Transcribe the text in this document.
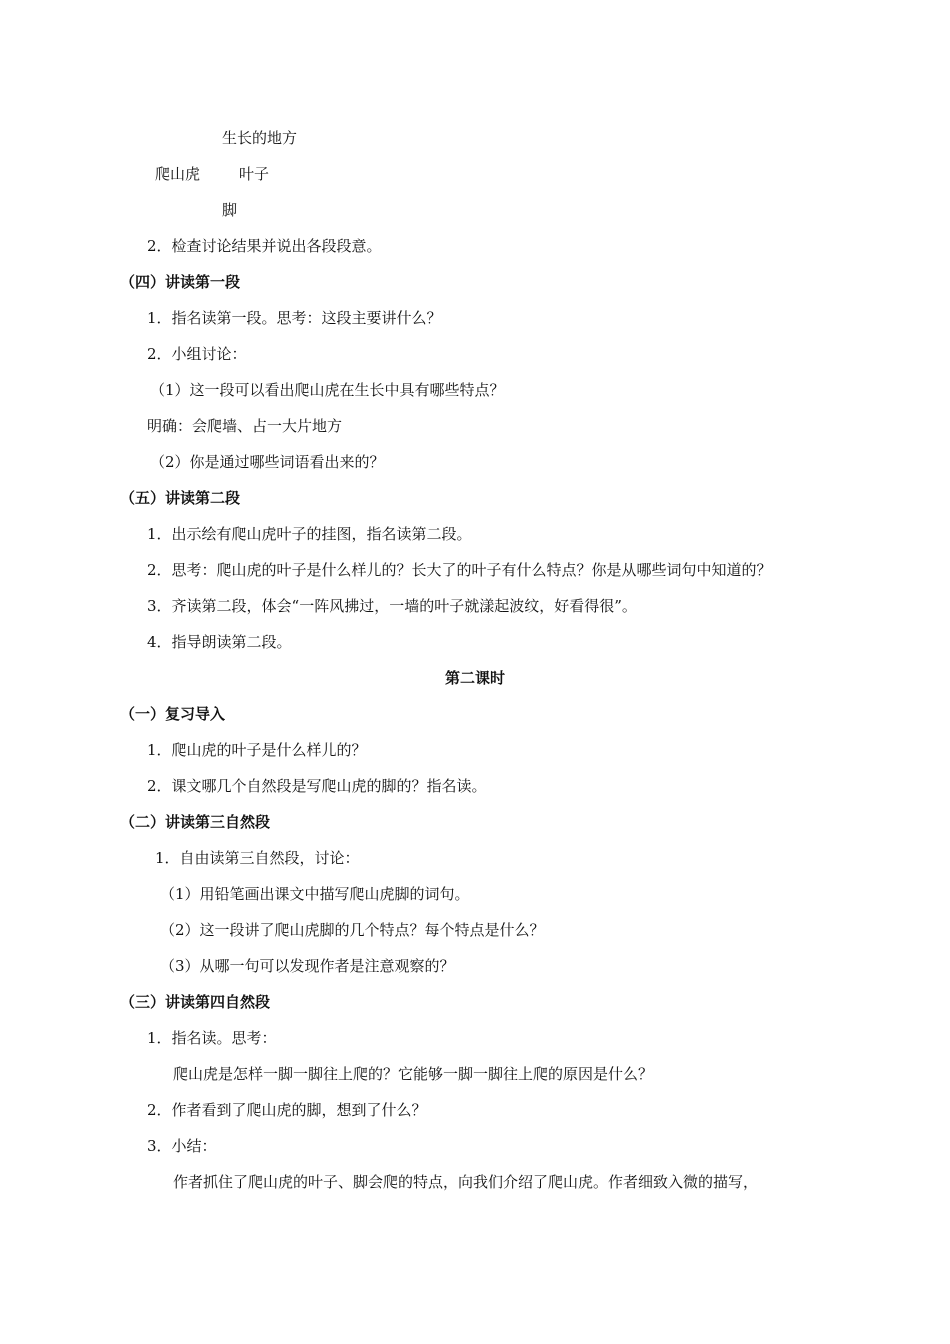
生长的地方
爬山虎	叶子
脚
2．检查讨论结果并说出各段段意。
（四）讲读第一段
1．指名读第一段。思考：这段主要讲什么？
2．小组讨论：
（1）这一段可以看出爬山虎在生长中具有哪些特点？
明确：会爬墙、占一大片地方
（2）你是通过哪些词语看出来的？
（五）讲读第二段
1．出示绘有爬山虎叶子的挂图，指名读第二段。
2．思考：爬山虎的叶子是什么样儿的？长大了的叶子有什么特点？你是从哪些词句中知道的？
3．齐读第二段，体会“一阵风拂过，一墙的叶子就漾起波纹，好看得很”。
4．指导朗读第二段。
第二课时
（一）复习导入
1．爬山虎的叶子是什么样儿的？
2．课文哪几个自然段是写爬山虎的脚的？指名读。
（二）讲读第三自然段
1．自由读第三自然段，讨论：
（1）用铅笔画出课文中描写爬山虎脚的词句。
（2）这一段讲了爬山虎脚的几个特点？每个特点是什么？
（3）从哪一句可以发现作者是注意观察的？
（三）讲读第四自然段
1．指名读。思考：
爬山虎是怎样一脚一脚往上爬的？它能够一脚一脚往上爬的原因是什么？
2．作者看到了爬山虎的脚，想到了什么？
3．小结：
作者抓住了爬山虎的叶子、脚会爬的特点，向我们介绍了爬山虎。作者细致入微的描写，
